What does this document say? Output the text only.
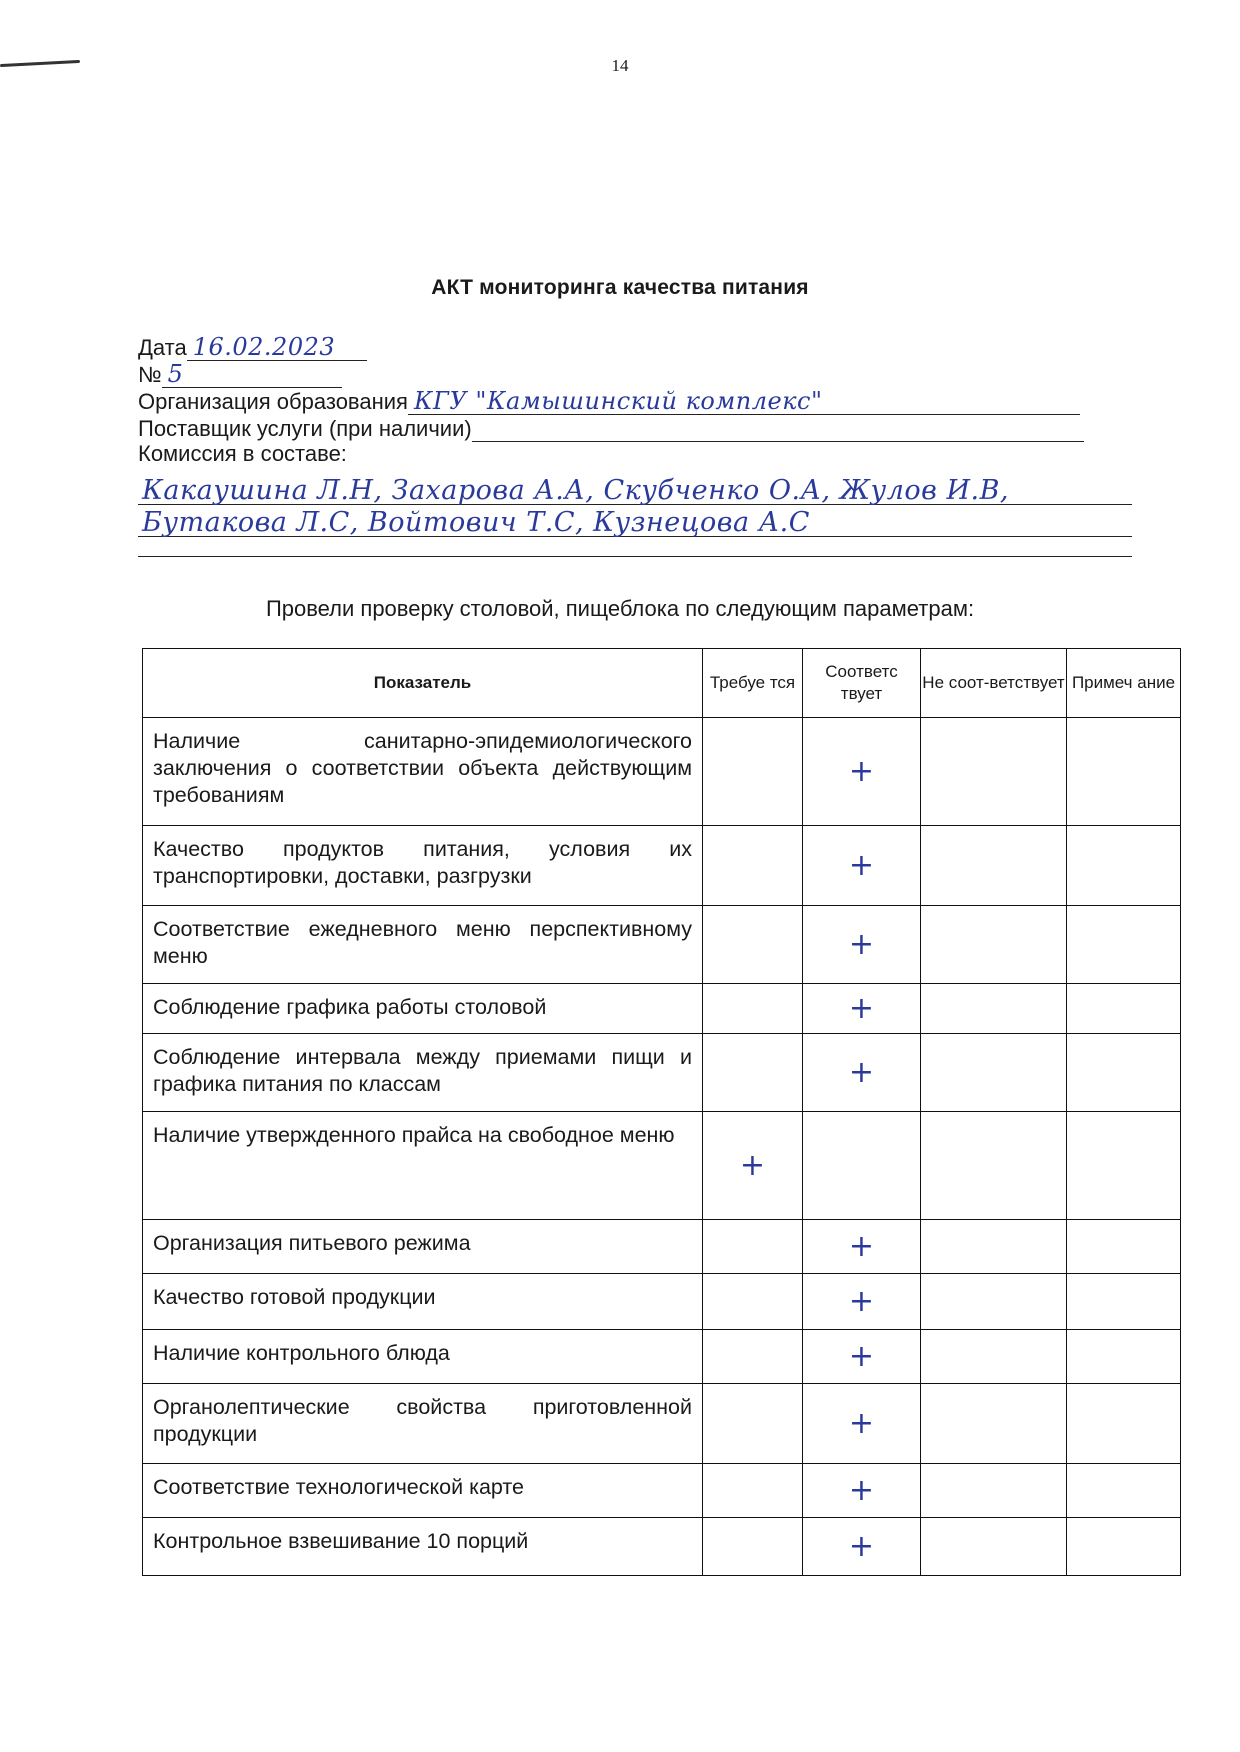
14
АКТ мониторинга качества питания
Дата 16.02.2023
№ 5
Организация образования КГУ "Камышинский комплекс"
Поставщик услуги (при наличии)
Комиссия в составе:
Какаушина Л.Н, Захарова А.А, Скубченко О.А, Жулов И.В,
Бутакова Л.С, Войтович Т.С, Кузнецова А.С
Провели проверку столовой, пищеблока по следующим параметрам:
Показатель	Требуе тся	Соответс твует	Не соот-ветствует	Примеч ание
Наличие санитарно-эпидемиологического заключения о соответствии объекта действующим требованиям		+		
Качество продуктов питания, условия их транспортировки, доставки, разгрузки		+		
Соответствие ежедневного меню перспективному меню		+		
Соблюдение графика работы столовой		+		
Соблюдение интервала между приемами пищи и графика питания по классам		+		
Наличие утвержденного прайса на свободное меню	+			
Организация питьевого режима		+		
Качество готовой продукции		+		
Наличие контрольного блюда		+		
Органолептические свойства приготовленной продукции		+		
Соответствие технологической карте		+		
Контрольное взвешивание 10 порций		+		
